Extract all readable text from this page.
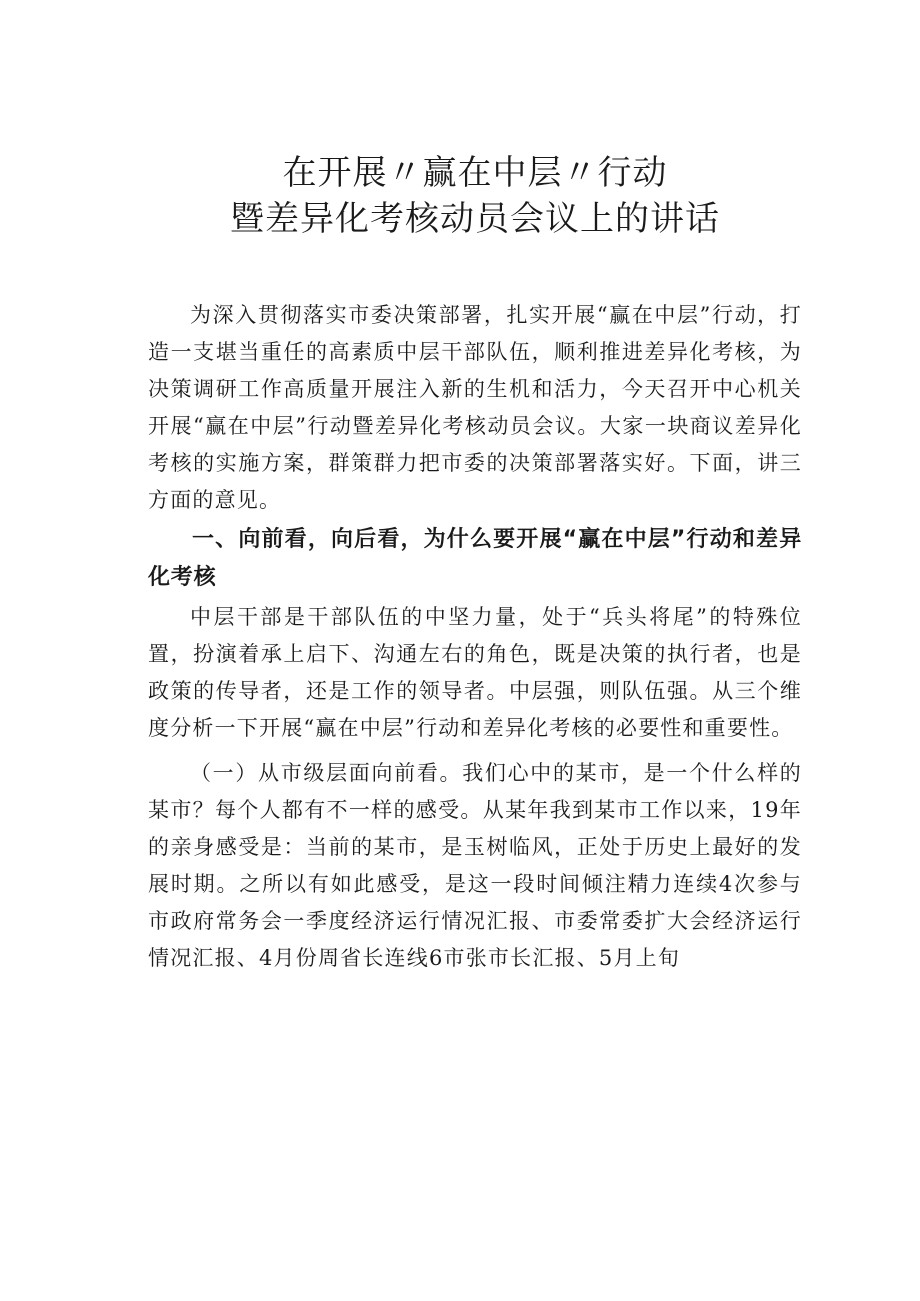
在开展〃赢在中层〃行动
暨差异化考核动员会议上的讲话

为深入贯彻落实市委决策部署，扎实开展“赢在中层”行动，打造一支堪当重任的高素质中层干部队伍，顺利推进差异化考核，为决策调研工作高质量开展注入新的生机和活力，今天召开中心机关开展“赢在中层”行动暨差异化考核动员会议。大家一块商议差异化考核的实施方案，群策群力把市委的决策部署落实好。下面，讲三方面的意见。

一、向前看，向后看，为什么要开展“赢在中层”行动和差异化考核

中层干部是干部队伍的中坚力量，处于“兵头将尾”的特殊位置，扮演着承上启下、沟通左右的角色，既是决策的执行者，也是政策的传导者，还是工作的领导者。中层强，则队伍强。从三个维度分析一下开展“赢在中层”行动和差异化考核的必要性和重要性。

（一）从市级层面向前看。我们心中的某市，是一个什么样的某市？每个人都有不一样的感受。从某年我到某市工作以来，19年的亲身感受是：当前的某市，是玉树临风，正处于历史上最好的发展时期。之所以有如此感受，是这一段时间倾注精力连续4次参与市政府常务会一季度经济运行情况汇报、市委常委扩大会经济运行情况汇报、4月份周省长连线6市张市长汇报、5月上旬
